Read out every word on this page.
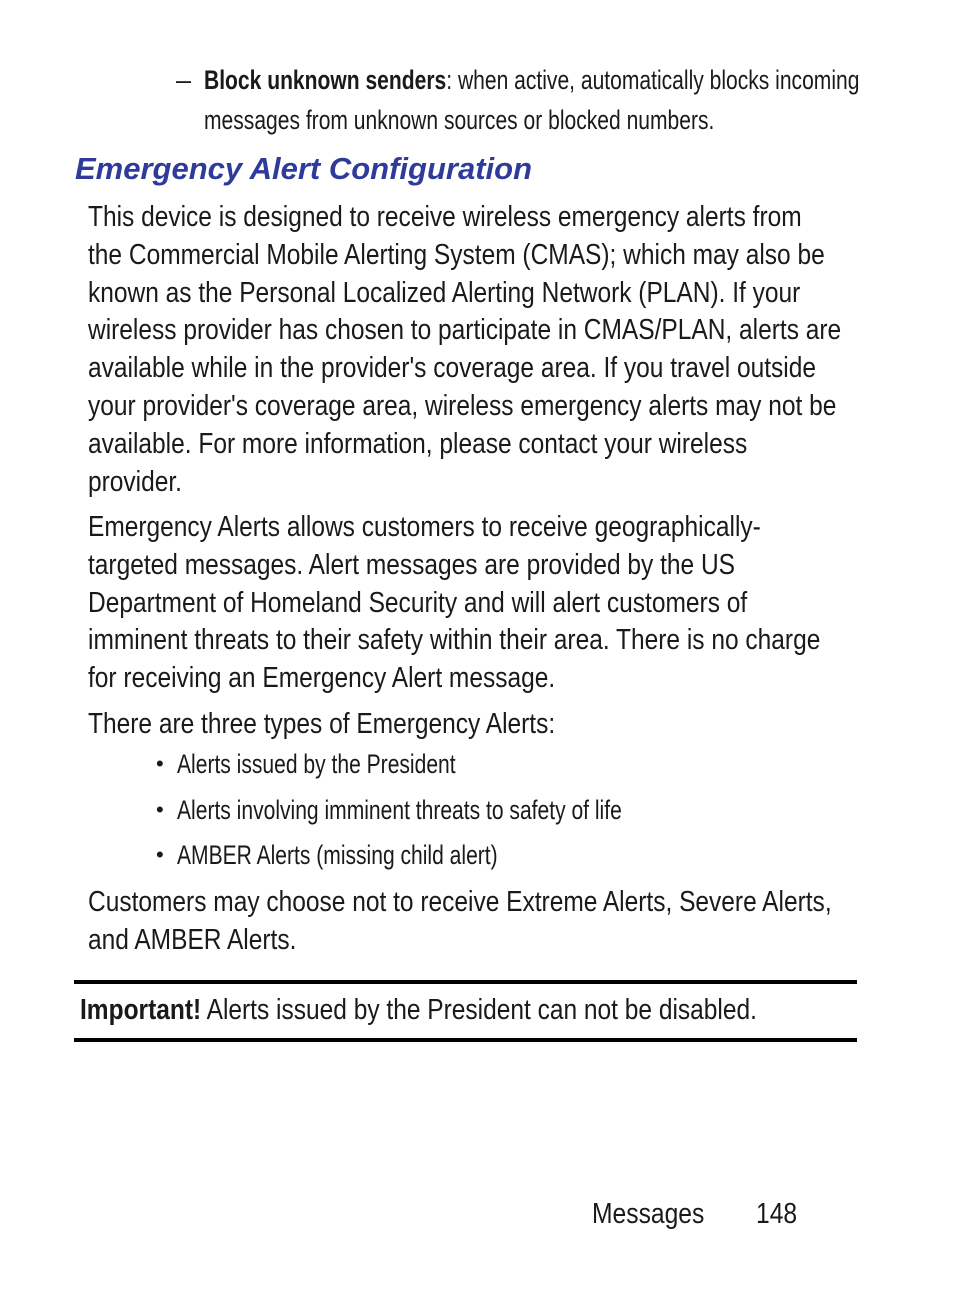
– Block unknown senders: when active, automatically blocks incoming
messages from unknown sources or blocked numbers.
Emergency Alert Configuration
This device is designed to receive wireless emergency alerts from
the Commercial Mobile Alerting System (CMAS); which may also be
known as the Personal Localized Alerting Network (PLAN). If your
wireless provider has chosen to participate in CMAS/PLAN, alerts are
available while in the provider's coverage area. If you travel outside
your provider's coverage area, wireless emergency alerts may not be
available. For more information, please contact your wireless
provider.
Emergency Alerts allows customers to receive geographically-
targeted messages. Alert messages are provided by the US
Department of Homeland Security and will alert customers of
imminent threats to their safety within their area. There is no charge
for receiving an Emergency Alert message.
There are three types of Emergency Alerts:
• Alerts issued by the President
• Alerts involving imminent threats to safety of life
• AMBER Alerts (missing child alert)
Customers may choose not to receive Extreme Alerts, Severe Alerts,
and AMBER Alerts.
Important! Alerts issued by the President can not be disabled.
Messages 148
